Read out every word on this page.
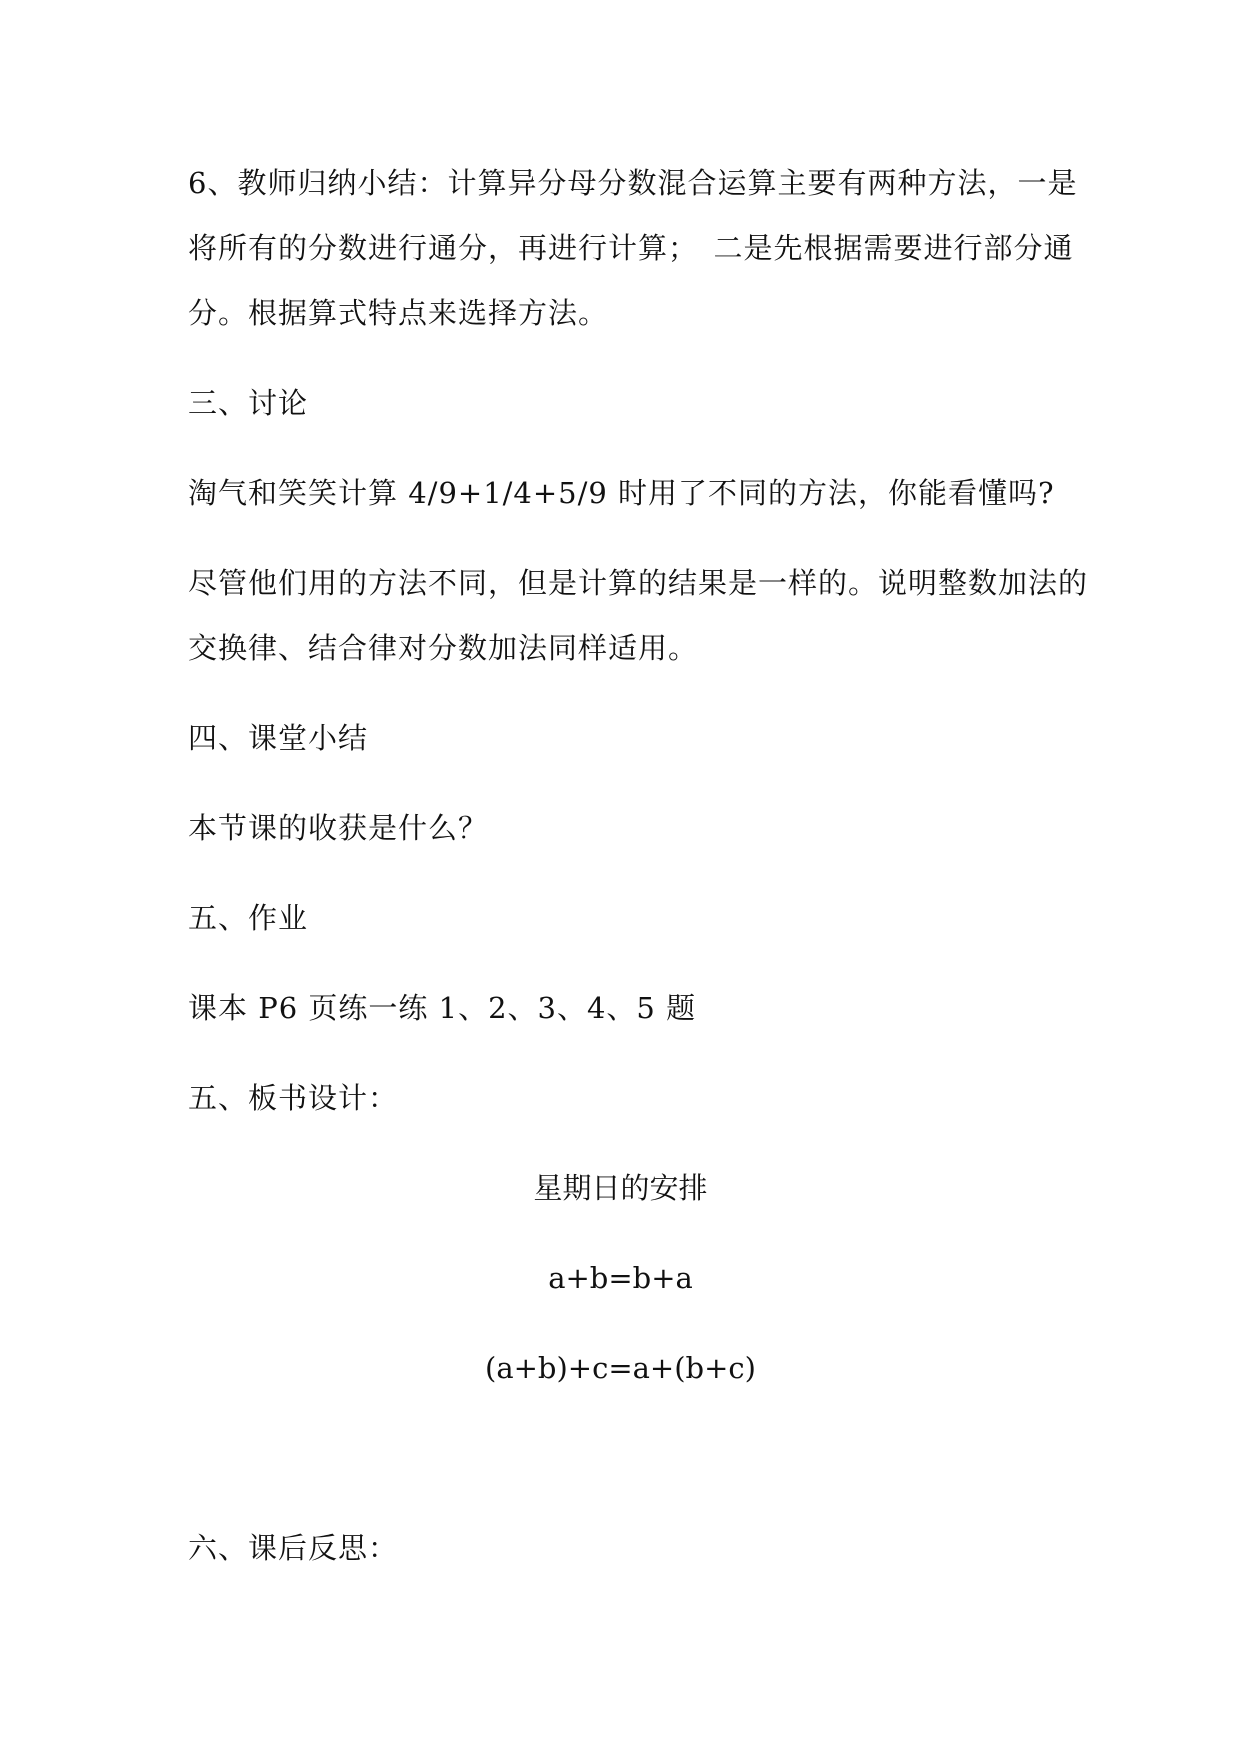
6、教师归纳小结：计算异分母分数混合运算主要有两种方法，一是
将所有的分数进行通分，再进行计算；　二是先根据需要进行部分通
分。根据算式特点来选择方法。
三、讨论
淘气和笑笑计算 4/9+1/4+5/9 时用了不同的方法，你能看懂吗?
尽管他们用的方法不同，但是计算的结果是一样的。说明整数加法的
交换律、结合律对分数加法同样适用。
四、课堂小结
本节课的收获是什么？
五、作业
课本 P6 页练一练 1、2、3、4、5 题
五、板书设计：
星期日的安排
a+b=b+a
(a+b)+c=a+(b+c)
六、课后反思：
